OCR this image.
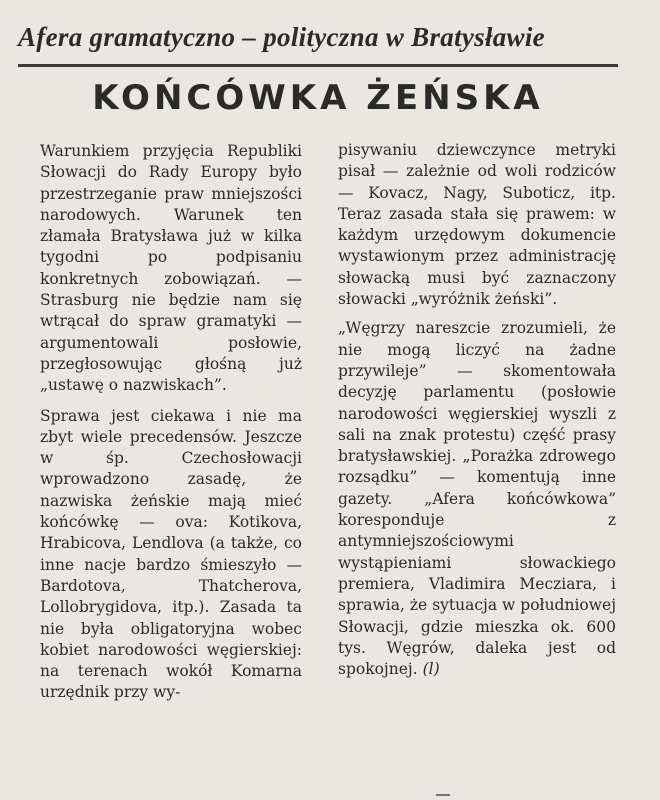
Afera gramatyczno – polityczna w Bratysławie
KOŃCÓWKA ŻEŃSKA

Warunkiem przyjęcia Republiki Słowacji do Rady Europy było przestrzeganie praw mniejszości narodowych. Warunek ten złamała Bratysława już w kilka tygodni po podpisaniu konkretnych zobowiązań. — Strasburg nie będzie nam się wtrącał do spraw gramatyki — argumentowali posłowie, przegłosowując głośną już „ustawę o nazwiskach”.

Sprawa jest ciekawa i nie ma zbyt wiele precedensów. Jeszcze w śp. Czechosłowacji wprowadzono zasadę, że nazwiska żeńskie mają mieć końcówkę — ova: Kotikova, Hrabicova, Lendlova (a także, co inne nacje bardzo śmieszyło — Bardotova, Thatcherova, Lollobrygidova, itp.). Zasada ta nie była obligatoryjna wobec kobiet narodowości węgierskiej: na terenach wokół Komarna urzędnik przy wy-

pisywaniu dziewczynce metryki pisał — zależnie od woli rodziców — Kovacz, Nagy, Suboticz, itp. Teraz zasada stała się prawem: w każdym urzędowym dokumencie wystawionym przez administrację słowacką musi być zaznaczony słowacki „wyróżnik żeński”.

„Węgrzy nareszcie zrozumieli, że nie mogą liczyć na żadne przywileje” — skomentowała decyzję parlamentu (posłowie narodowości węgierskiej wyszli z sali na znak protestu) część prasy bratysławskiej. „Porażka zdrowego rozsądku” — komentują inne gazety. „Afera końcówkowa” koresponduje z antymniejszościowymi wystąpieniami słowackiego premiera, Vladimira Mecziara, i sprawia, że sytuacja w południowej Słowacji, gdzie mieszka ok. 600 tys. Węgrów, daleka jest od spokojnej. (l)
